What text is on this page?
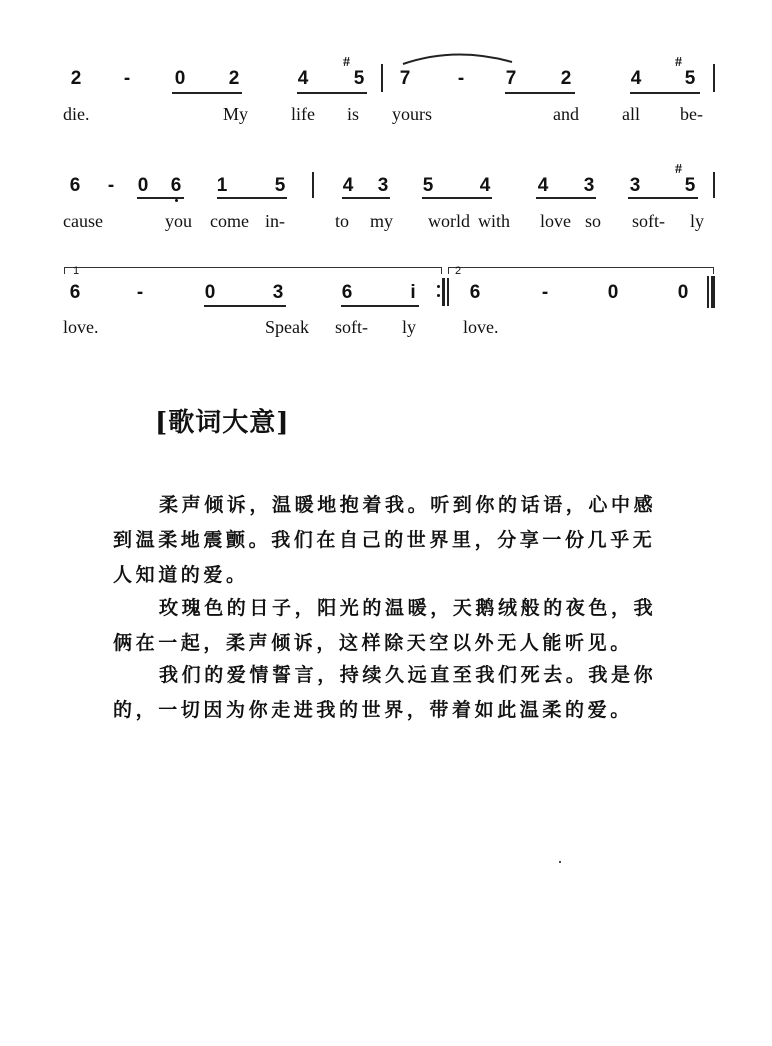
2 - 0 2	4
#
5 7	- 7 2	4
#
5
die.	My life is yours	and all be-
6 - 0 6 1 5	4 3 5 4 4 3 3
#
5
cause	you come in-	to my world with love so soft- ly
1	2
6	-	0	3	6	i	6	-	0	0
love.	Speak soft- ly	love.
[歌词大意]

柔声倾诉，温暖地抱着我。听到你的话语，心中感到温柔地震颤。我们在自己的世界里，分享一份几乎无人知道的爱。

玫瑰色的日子，阳光的温暖，天鹅绒般的夜色，我俩在一起，柔声倾诉，这样除天空以外无人能听见。

我们的爱情誓言，持续久远直至我们死去。我是你的，一切因为你走进我的世界，带着如此温柔的爱。
